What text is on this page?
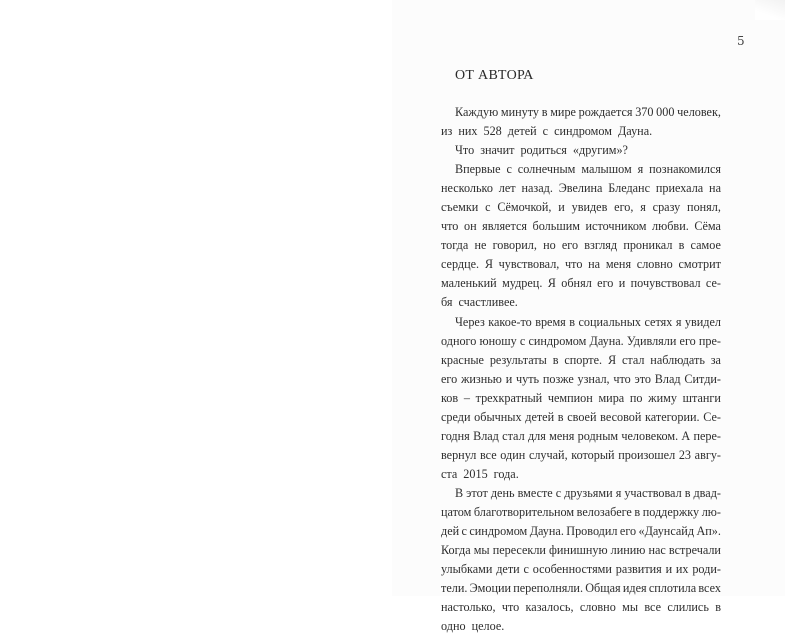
5
ОТ АВТОРА
Каждую минуту в мире рождается 370 000 человек,
из них 528 детей с синдромом Дауна.
Что значит родиться «другим»?
Впервые с солнечным малышом я познакомился
несколько лет назад. Эвелина Бледанс приехала на
съемки с Сёмочкой, и увидев его, я сразу понял,
что он является большим источником любви. Сёма
тогда не говорил, но его взгляд проникал в самое
сердце. Я чувствовал, что на меня словно смотрит
маленький мудрец. Я обнял его и почувствовал се-
бя счастливее.
Через какое-то время в социальных сетях я увидел
одного юношу с синдромом Дауна. Удивляли его пре-
красные результаты в спорте. Я стал наблюдать за
его жизнью и чуть позже узнал, что это Влад Ситди-
ков – трехкратный чемпион мира по жиму штанги
среди обычных детей в своей весовой категории. Се-
годня Влад стал для меня родным человеком. А пере-
вернул все один случай, который произошел 23 авгу-
ста 2015 года.
В этот день вместе с друзьями я участвовал в двад-
цатом благотворительном велозабеге в поддержку лю-
дей с синдромом Дауна. Проводил его «Даунсайд Ап».
Когда мы пересекли финишную линию нас встречали
улыбками дети с особенностями развития и их роди-
тели. Эмоции переполняли. Общая идея сплотила всех
настолько, что казалось, словно мы все слились в
одно целое.
